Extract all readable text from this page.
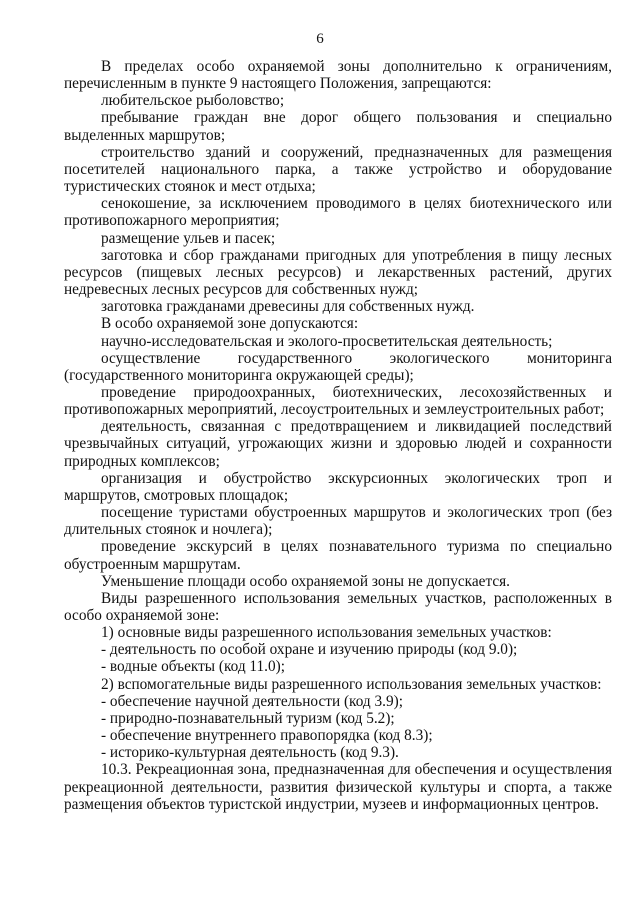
6

В пределах особо охраняемой зоны дополнительно к ограничениям, перечисленным в пункте 9 настоящего Положения, запрещаются:

любительское рыболовство;

пребывание граждан вне дорог общего пользования и специально выделенных маршрутов;

строительство зданий и сооружений, предназначенных для размещения посетителей национального парка, а также устройство и оборудование туристических стоянок и мест отдыха;

сенокошение, за исключением проводимого в целях биотехнического или противопожарного мероприятия;

размещение ульев и пасек;

заготовка и сбор гражданами пригодных для употребления в пищу лесных ресурсов (пищевых лесных ресурсов) и лекарственных растений, других недревесных лесных ресурсов для собственных нужд;

заготовка гражданами древесины для собственных нужд.

В особо охраняемой зоне допускаются:

научно-исследовательская и эколого-просветительская деятельность;

осуществление государственного экологического мониторинга (государственного мониторинга окружающей среды);

проведение природоохранных, биотехнических, лесохозяйственных и противопожарных мероприятий, лесоустроительных и землеустроительных работ;

деятельность, связанная с предотвращением и ликвидацией последствий чрезвычайных ситуаций, угрожающих жизни и здоровью людей и сохранности природных комплексов;

организация и обустройство экскурсионных экологических троп и маршрутов, смотровых площадок;

посещение туристами обустроенных маршрутов и экологических троп (без длительных стоянок и ночлега);

проведение экскурсий в целях познавательного туризма по специально обустроенным маршрутам.

Уменьшение площади особо охраняемой зоны не допускается.

Виды разрешенного использования земельных участков, расположенных в особо охраняемой зоне:

1) основные виды разрешенного использования земельных участков:

- деятельность по особой охране и изучению природы (код 9.0);

- водные объекты (код 11.0);

2) вспомогательные виды разрешенного использования земельных участков:

- обеспечение научной деятельности (код 3.9);

- природно-познавательный туризм (код 5.2);

- обеспечение внутреннего правопорядка (код 8.3);

- историко-культурная деятельность (код 9.3).

10.3. Рекреационная зона, предназначенная для обеспечения и осуществления рекреационной деятельности, развития физической культуры и спорта, а также размещения объектов туристской индустрии, музеев и информационных центров.
